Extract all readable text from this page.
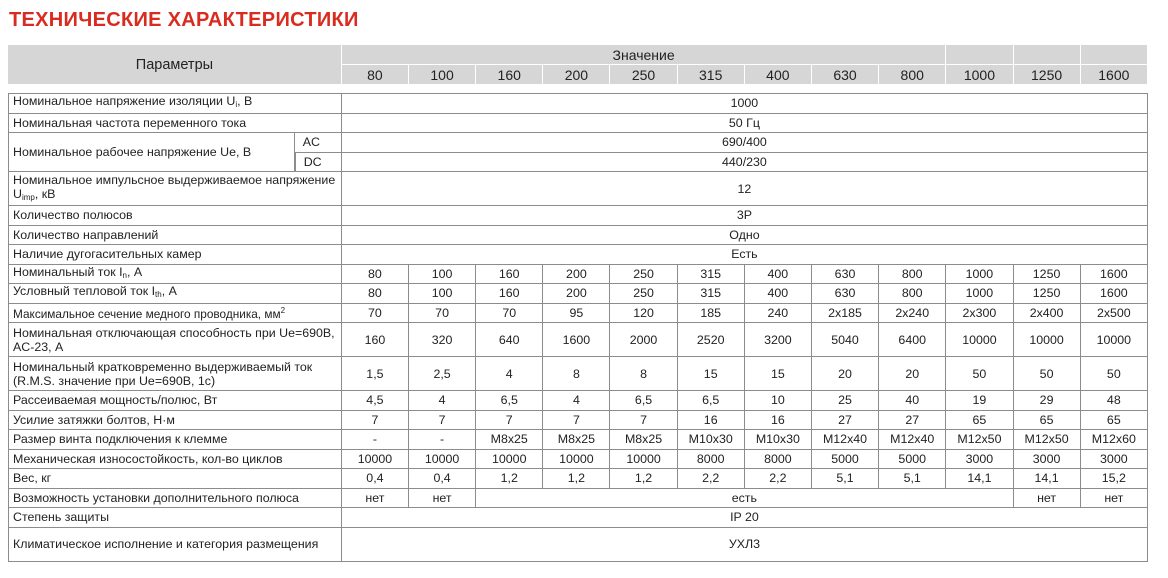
ТЕХНИЧЕСКИЕ ХАРАКТЕРИСТИКИ
Параметры		Значение											
		80	100	160	200	250	315	400	630	800	1000	1250	1600

Номинальное напряжение изоляции $U_i$, В		1000											
Номинальная частота переменного тока		50 Гц											
Номинальное рабочее напряжение Ue, В	AC	690/400											
	DC	440/230											
Номинальное импульсное выдерживаемое напряжение $U_{imp}$, кВ		12											
Количество полюсов		3P											
Количество направлений		Одно											
Наличие дугогасительных камер		Есть											
Номинальный ток $I_n$, А		80	100	160	200	250	315	400	630	800	1000	1250	1600
Условный тепловой ток $I_{th}$, А		80	100	160	200	250	315	400	630	800	1000	1250	1600
Максимальное сечение медного проводника, $мм^2$		70	70	70	95	120	185	240	2x185	2x240	2x300	2x400	2x500
Номинальная отключающая способность при Ue=690В, AC-23, А		160	320	640	1600	2000	2520	3200	5040	6400	10000	10000	10000
Номинальный кратковременно выдерживаемый ток (R.M.S. значение при Ue=690В, 1с)		1,5	2,5	4	8	8	15	15	20	20	50	50	50
Рассеиваемая мощность/полюс, Вт		4,5	4	6,5	4	6,5	6,5	10	25	40	19	29	48
Усилие затяжки болтов, Н·м		7	7	7	7	7	16	16	27	27	65	65	65
Размер винта подключения к клемме		-	-	M8x25	M8x25	M8x25	M10x30	M10x30	M12x40	M12x40	M12x50	M12x50	M12x60
Механическая износостойкость, кол-во циклов		10000	10000	10000	10000	10000	8000	8000	5000	5000	3000	3000	3000
Вес, кг		0,4	0,4	1,2	1,2	1,2	2,2	2,2	5,1	5,1	14,1	14,1	15,2
Возможность установки дополнительного полюса		нет	нет	есть								нет	нет
Степень защиты		IP 20											
Климатическое исполнение и категория размещения		УХЛ3											
